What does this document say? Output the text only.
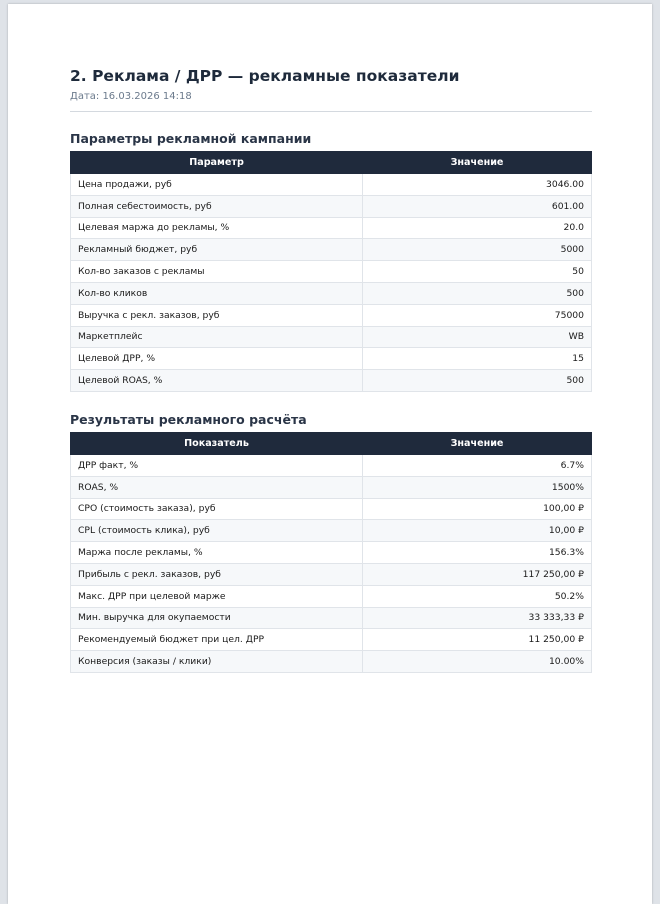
2. Реклама / ДРР — рекламные показатели
Дата: 16.03.2026 14:18
Параметры рекламной кампании
Параметр	Значение
Цена продажи, руб	3046.00
Полная себестоимость, руб	601.00
Целевая маржа до рекламы, %	20.0
Рекламный бюджет, руб	5000
Кол-во заказов с рекламы	50
Кол-во кликов	500
Выручка с рекл. заказов, руб	75000
Маркетплейс	WB
Целевой ДРР, %	15
Целевой ROAS, %	500
Результаты рекламного расчёта
Показатель	Значение
ДРР факт, %	6.7%
ROAS, %	1500%
CPO (стоимость заказа), руб	100,00 ₽
CPL (стоимость клика), руб	10,00 ₽
Маржа после рекламы, %	156.3%
Прибыль с рекл. заказов, руб	117 250,00 ₽
Макс. ДРР при целевой марже	50.2%
Мин. выручка для окупаемости	33 333,33 ₽
Рекомендуемый бюджет при цел. ДРР	11 250,00 ₽
Конверсия (заказы / клики)	10.00%
